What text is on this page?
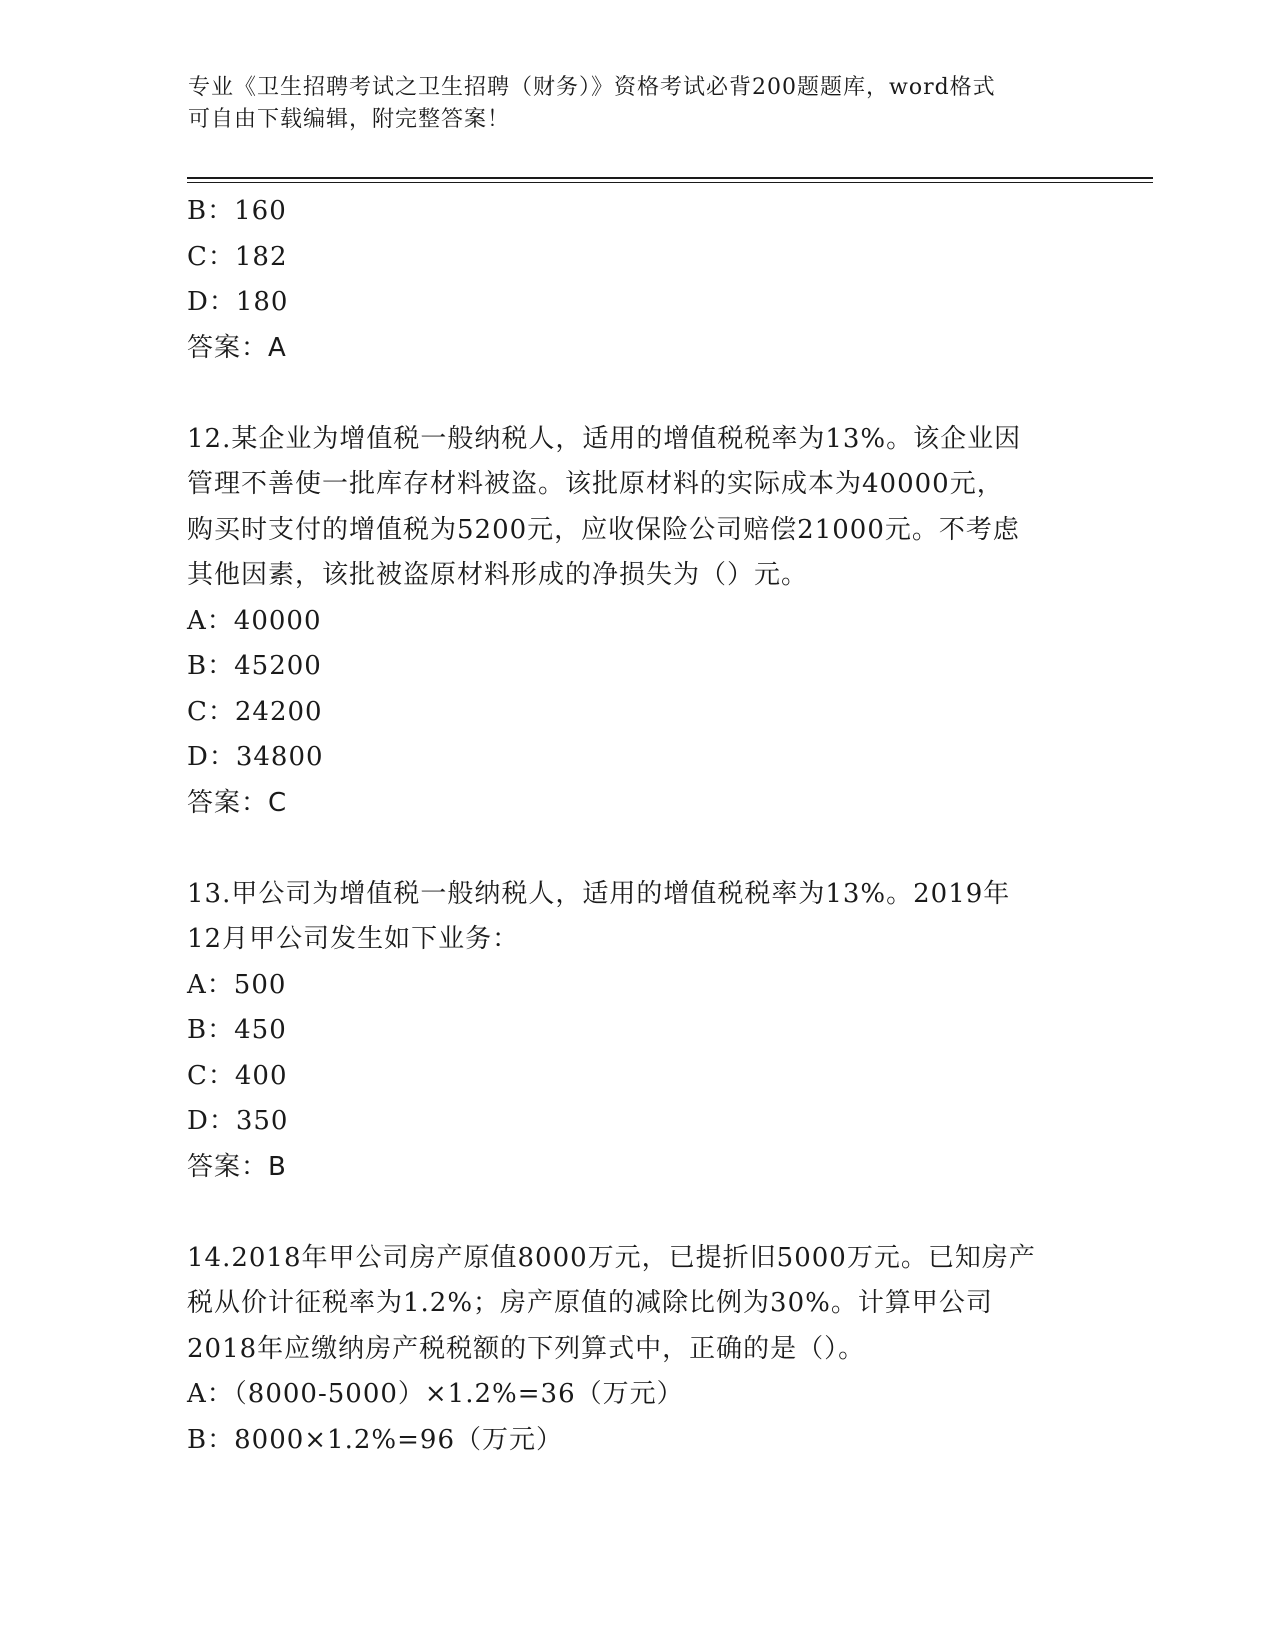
专业《卫生招聘考试之卫生招聘（财务）》资格考试必背200题题库，word格式
可自由下载编辑，附完整答案！
B：160
C：182
D：180
答案：A
12.某企业为增值税一般纳税人，适用的增值税税率为13%。该企业因
管理不善使一批库存材料被盗。该批原材料的实际成本为40000元，
购买时支付的增值税为5200元，应收保险公司赔偿21000元。不考虑
其他因素，该批被盗原材料形成的净损失为（）元。
A：40000
B：45200
C：24200
D：34800
答案：C
13.甲公司为增值税一般纳税人，适用的增值税税率为13%。2019年
12月甲公司发生如下业务：
A：500
B：450
C：400
D：350
答案：B
14.2018年甲公司房产原值8000万元，已提折旧5000万元。已知房产
税从价计征税率为1.2%；房产原值的减除比例为30%。计算甲公司
2018年应缴纳房产税税额的下列算式中，正确的是（）。
A：（8000-5000）×1.2%=36（万元）
B：8000×1.2%=96（万元）
